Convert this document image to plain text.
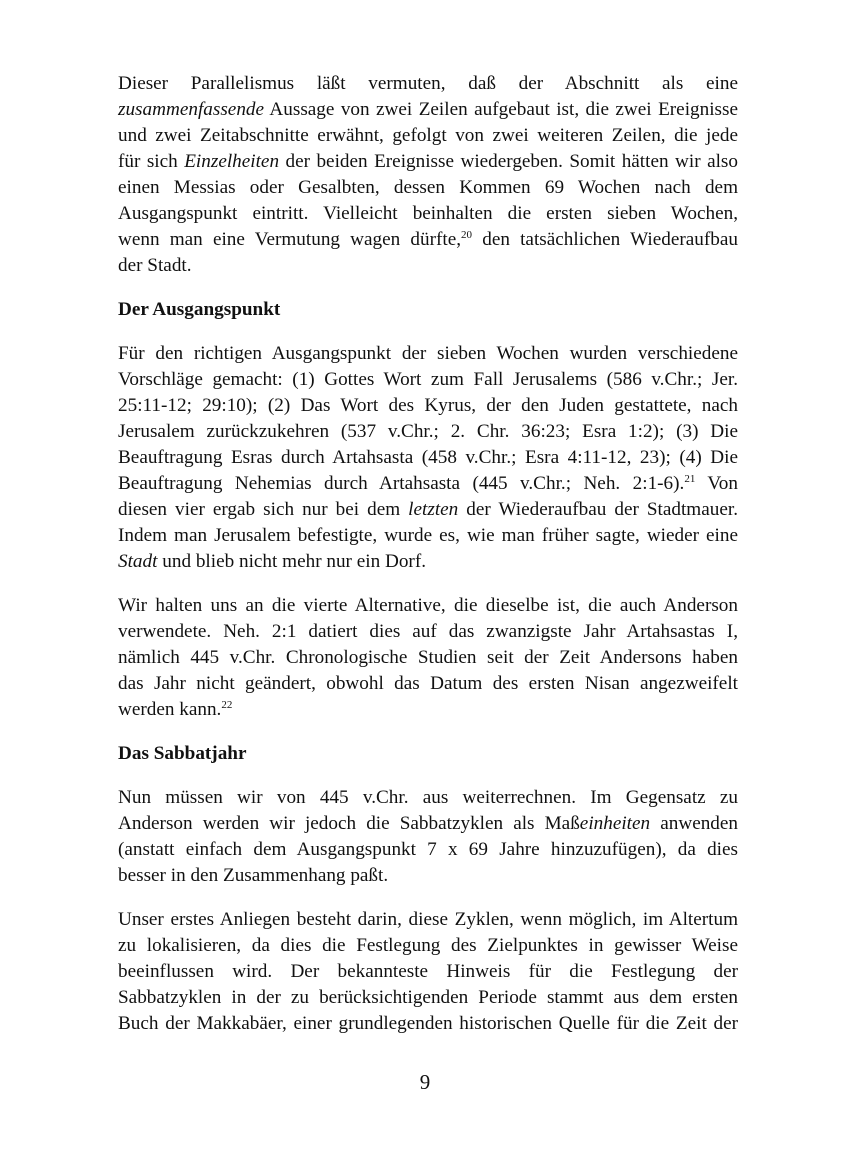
Dieser Parallelismus läßt vermuten, daß der Abschnitt als eine
zusammenfassende Aussage von zwei Zeilen aufgebaut ist, die zwei Ereignisse
und zwei Zeitabschnitte erwähnt, gefolgt von zwei weiteren Zeilen, die jede
für sich Einzelheiten der beiden Ereignisse wiedergeben. Somit hätten wir also
einen Messias oder Gesalbten, dessen Kommen 69 Wochen nach dem
Ausgangspunkt eintritt. Vielleicht beinhalten die ersten sieben Wochen,
wenn man eine Vermutung wagen dürfte,$^{20}$ den tatsächlichen Wiederaufbau
der Stadt.
Der Ausgangspunkt
Für den richtigen Ausgangspunkt der sieben Wochen wurden verschiedene
Vorschläge gemacht: (1) Gottes Wort zum Fall Jerusalems (586 v.Chr.; Jer.
25:11-12; 29:10); (2) Das Wort des Kyrus, der den Juden gestattete, nach
Jerusalem zurückzukehren (537 v.Chr.; 2. Chr. 36:23; Esra 1:2); (3) Die
Beauftragung Esras durch Artahsasta (458 v.Chr.; Esra 4:11-12, 23); (4) Die
Beauftragung Nehemias durch Artahsasta (445 v.Chr.; Neh. 2:1-6).$^{21}$ Von
diesen vier ergab sich nur bei dem letzten der Wiederaufbau der Stadtmauer.
Indem man Jerusalem befestigte, wurde es, wie man früher sagte, wieder eine
Stadt und blieb nicht mehr nur ein Dorf.
Wir halten uns an die vierte Alternative, die dieselbe ist, die auch Anderson
verwendete. Neh. 2:1 datiert dies auf das zwanzigste Jahr Artahsastas I,
nämlich 445 v.Chr. Chronologische Studien seit der Zeit Andersons haben
das Jahr nicht geändert, obwohl das Datum des ersten Nisan angezweifelt
werden kann.$^{22}$
Das Sabbatjahr
Nun müssen wir von 445 v.Chr. aus weiterrechnen. Im Gegensatz zu
Anderson werden wir jedoch die Sabbatzyklen als Maßeinheiten anwenden
(anstatt einfach dem Ausgangspunkt 7 x 69 Jahre hinzuzufügen), da dies
besser in den Zusammenhang paßt.
Unser erstes Anliegen besteht darin, diese Zyklen, wenn möglich, im Altertum
zu lokalisieren, da dies die Festlegung des Zielpunktes in gewisser Weise
beeinflussen wird. Der bekannteste Hinweis für die Festlegung der
Sabbatzyklen in der zu berücksichtigenden Periode stammt aus dem ersten
Buch der Makkabäer, einer grundlegenden historischen Quelle für die Zeit der
9
